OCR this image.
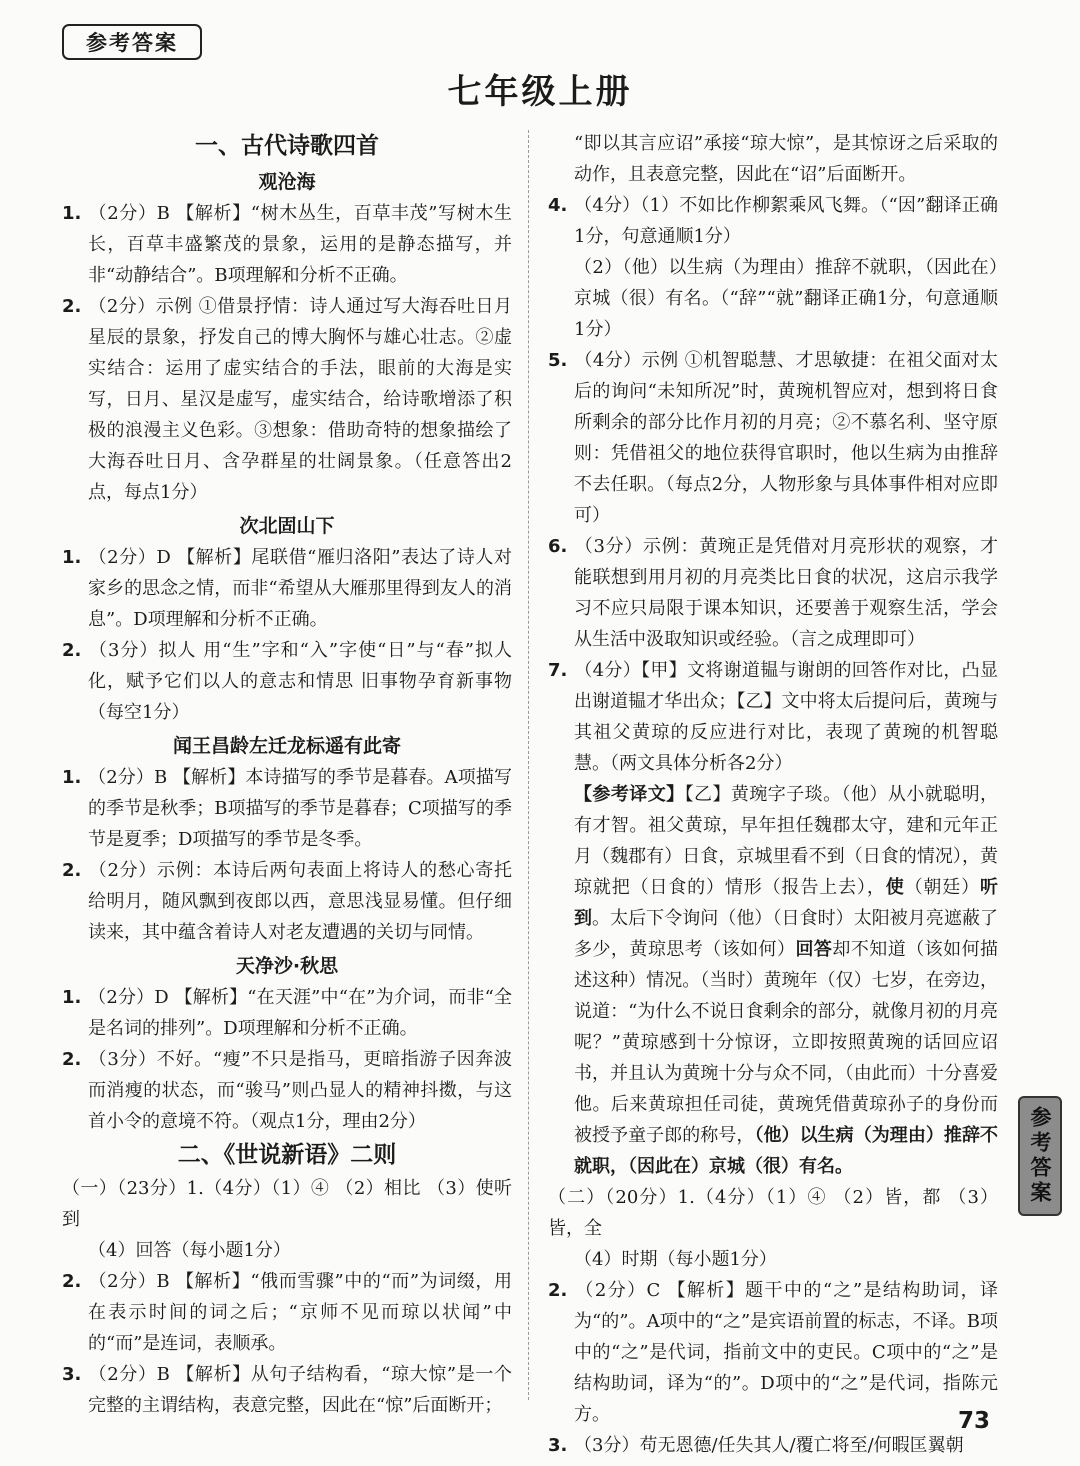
参考答案
七年级上册

一、古代诗歌四首

观沧海

1. （2分）B 【解析】“树木丛生，百草丰茂”写树木生长，百草丰盛繁茂的景象，运用的是静态描写，并非“动静结合”。B项理解和分析不正确。

2. （2分）示例 ①借景抒情：诗人通过写大海吞吐日月星辰的景象，抒发自己的博大胸怀与雄心壮志。②虚实结合：运用了虚实结合的手法，眼前的大海是实写，日月、星汉是虚写，虚实结合，给诗歌增添了积极的浪漫主义色彩。③想象：借助奇特的想象描绘了大海吞吐日月、含孕群星的壮阔景象。（任意答出2点，每点1分）

次北固山下

1. （2分）D 【解析】尾联借“雁归洛阳”表达了诗人对家乡的思念之情，而非“希望从大雁那里得到友人的消息”。D项理解和分析不正确。

2. （3分）拟人 用“生”字和“入”字使“日”与“春”拟人化，赋予它们以人的意志和情思 旧事物孕育新事物（每空1分）

闻王昌龄左迁龙标遥有此寄

1. （2分）B 【解析】本诗描写的季节是暮春。A项描写的季节是秋季；B项描写的季节是暮春；C项描写的季节是夏季；D项描写的季节是冬季。

2. （2分）示例：本诗后两句表面上将诗人的愁心寄托给明月，随风飘到夜郎以西，意思浅显易懂。但仔细读来，其中蕴含着诗人对老友遭遇的关切与同情。

天净沙·秋思

1. （2分）D 【解析】“在天涯”中“在”为介词，而非“全是名词的排列”。D项理解和分析不正确。

2. （3分）不好。“瘦”不只是指马，更暗指游子因奔波而消瘦的状态，而“骏马”则凸显人的精神抖擞，与这首小令的意境不符。（观点1分，理由2分）

二、《世说新语》二则

（一）（23分）1.（4分）（1）④ （2）相比 （3）使听到

（4）回答（每小题1分）

2. （2分）B 【解析】“俄而雪骤”中的“而”为词缀，用在表示时间的词之后；“京师不见而琼以状闻”中的“而”是连词，表顺承。

3. （2分）B 【解析】从句子结构看，“琼大惊”是一个完整的主谓结构，表意完整，因此在“惊”后面断开；

“即以其言应诏”承接“琼大惊”，是其惊讶之后采取的动作，且表意完整，因此在“诏”后面断开。

4. （4分）（1）不如比作柳絮乘风飞舞。（“因”翻译正确1分，句意通顺1分）

（2）（他）以生病（为理由）推辞不就职，（因此在）京城（很）有名。（“辞”“就”翻译正确1分，句意通顺1分）

5. （4分）示例 ①机智聪慧、才思敏捷：在祖父面对太后的询问“未知所况”时，黄琬机智应对，想到将日食所剩余的部分比作月初的月亮；②不慕名利、坚守原则：凭借祖父的地位获得官职时，他以生病为由推辞不去任职。（每点2分，人物形象与具体事件相对应即可）

6. （3分）示例：黄琬正是凭借对月亮形状的观察，才能联想到用月初的月亮类比日食的状况，这启示我学习不应只局限于课本知识，还要善于观察生活，学会从生活中汲取知识或经验。（言之成理即可）

7. （4分）【甲】文将谢道韫与谢朗的回答作对比，凸显出谢道韫才华出众；【乙】文中将太后提问后，黄琬与其祖父黄琼的反应进行对比，表现了黄琬的机智聪慧。（两文具体分析各2分）

【参考译文】【乙】黄琬字子琰。（他）从小就聪明，有才智。祖父黄琼，早年担任魏郡太守，建和元年正月（魏郡有）日食，京城里看不到（日食的情况），黄琼就把（日食的）情形（报告上去），使（朝廷）听到。太后下令询问（他）（日食时）太阳被月亮遮蔽了多少，黄琼思考（该如何）回答却不知道（该如何描述这种）情况。（当时）黄琬年（仅）七岁，在旁边，说道：“为什么不说日食剩余的部分，就像月初的月亮呢？”黄琼感到十分惊讶，立即按照黄琬的话回应诏书，并且认为黄琬十分与众不同，（由此而）十分喜爱他。后来黄琼担任司徒，黄琬凭借黄琼孙子的身份而被授予童子郎的称号，（他）以生病（为理由）推辞不就职，（因此在）京城（很）有名。

（二）（20分）1.（4分）（1）④ （2）皆，都 （3）皆，全

（4）时期（每小题1分）

2. （2分）C 【解析】题干中的“之”是结构助词，译为“的”。A项中的“之”是宾语前置的标志，不译。B项中的“之”是代词，指前文中的吏民。C项中的“之”是结构助词，译为“的”。D项中的“之”是代词，指陈元方。

3. （3分）苟无恩德/任失其人/覆亡将至/何暇匡翼朝

参考答案
73
